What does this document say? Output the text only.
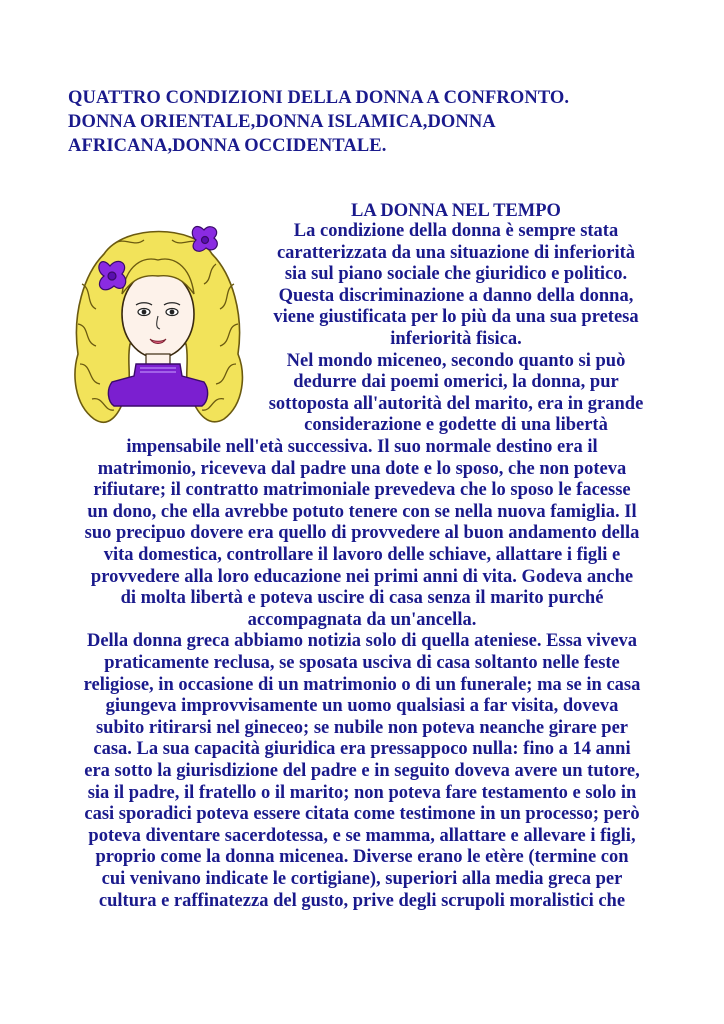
QUATTRO CONDIZIONI DELLA DONNA A CONFRONTO.
DONNA ORIENTALE,DONNA ISLAMICA,DONNA
AFRICANA,DONNA OCCIDENTALE.
LA DONNA NEL TEMPO
La condizione della donna è sempre stata
caratterizzata da una situazione di inferiorità
sia sul piano sociale che giuridico e politico.
Questa discriminazione a danno della donna,
viene giustificata per lo più da una sua pretesa
inferiorità fisica.
Nel mondo miceneo, secondo quanto si può
dedurre dai poemi omerici, la donna, pur
sottoposta all'autorità del marito, era in grande
considerazione e godette di una libertà
impensabile nell'età successiva. Il suo normale destino era il
matrimonio, riceveva dal padre una dote e lo sposo, che non poteva
rifiutare; il contratto matrimoniale prevedeva che lo sposo le facesse
un dono, che ella avrebbe potuto tenere con se nella nuova famiglia. Il
suo precipuo dovere era quello di provvedere al buon andamento della
vita domestica, controllare il lavoro delle schiave, allattare i figli e
provvedere alla loro educazione nei primi anni di vita. Godeva anche
di molta libertà e poteva uscire di casa senza il marito purché
accompagnata da un'ancella.
Della donna greca abbiamo notizia solo di quella ateniese. Essa viveva
praticamente reclusa, se sposata usciva di casa soltanto nelle feste
religiose, in occasione di un matrimonio o di un funerale; ma se in casa
giungeva improvvisamente un uomo qualsiasi a far visita, doveva
subito ritirarsi nel gineceo; se nubile non poteva neanche girare per
casa. La sua capacità giuridica era pressappoco nulla: fino a 14 anni
era sotto la giurisdizione del padre e in seguito doveva avere un tutore,
sia il padre, il fratello o il marito; non poteva fare testamento e solo in
casi sporadici poteva essere citata come testimone in un processo; però
poteva diventare sacerdotessa, e se mamma, allattare e allevare i figli,
proprio come la donna micenea. Diverse erano le etère (termine con
cui venivano indicate le cortigiane), superiori alla media greca per
cultura e raffinatezza del gusto, prive degli scrupoli moralistici che
